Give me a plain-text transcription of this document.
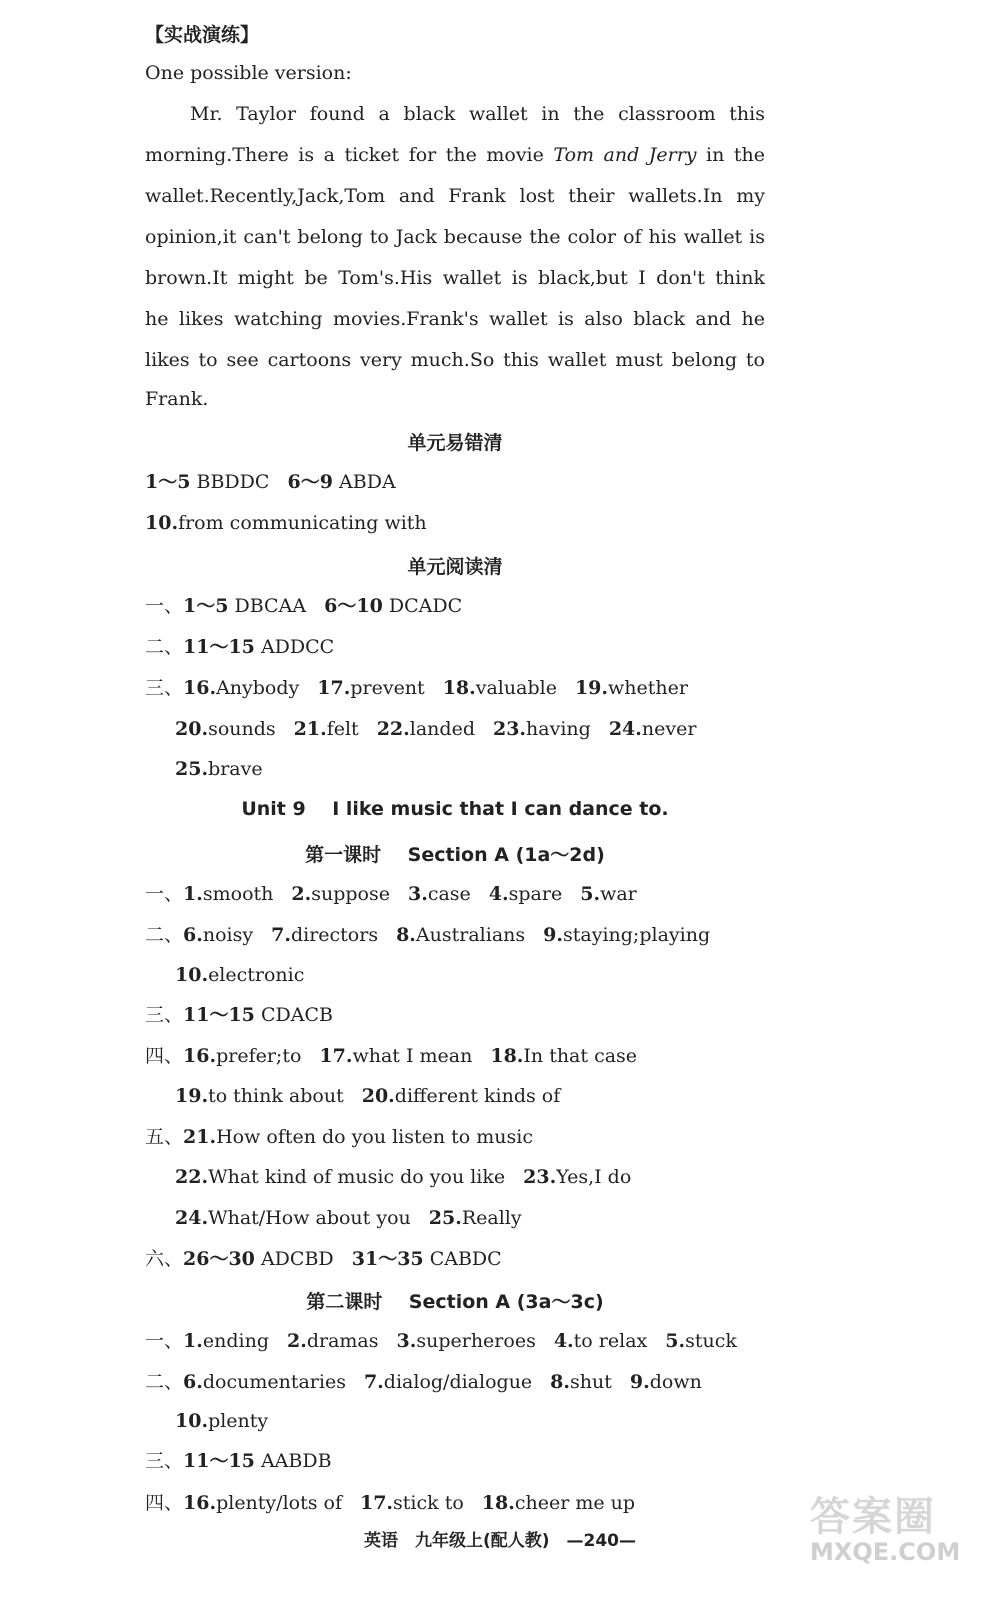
【实战演练】
One possible version:
Mr. Taylor found a black wallet in the classroom this
morning.There is a ticket for the movie Tom and Jerry in the
wallet.Recently,Jack,Tom and Frank lost their wallets.In my
opinion,it can't belong to Jack because the color of his wallet is
brown.It might be Tom's.His wallet is black,but I don't think
he likes watching movies.Frank's wallet is also black and he
likes to see cartoons very much.So this wallet must belong to
Frank.
单元易错清
1～5 BBDDC 6～9 ABDA
10.from communicating with
单元阅读清
一、1～5 DBCAA 6～10 DCADC
二、11～15 ADDCC
三、16.Anybody 17.prevent 18.valuable 19.whether
20.sounds 21.felt 22.landed 23.having 24.never
25.brave
Unit 9    I like music that I can dance to.
第一课时    Section A (1a～2d)
一、1.smooth 2.suppose 3.case 4.spare 5.war
二、6.noisy 7.directors 8.Australians 9.staying;playing
10.electronic
三、11～15 CDACB
四、16.prefer;to 17.what I mean 18.In that case
19.to think about 20.different kinds of
五、21.How often do you listen to music
22.What kind of music do you like 23.Yes,I do
24.What/How about you 25.Really
六、26～30 ADCBD 31～35 CABDC
第二课时    Section A (3a～3c)
一、1.ending 2.dramas 3.superheroes 4.to relax 5.stuck
二、6.documentaries 7.dialog/dialogue 8.shut 9.down
10.plenty
三、11～15 AABDB
四、16.plenty/lots of 17.stick to 18.cheer me up
英语　九年级上(配人教)　—240—
答案圈
MXQE.COM
